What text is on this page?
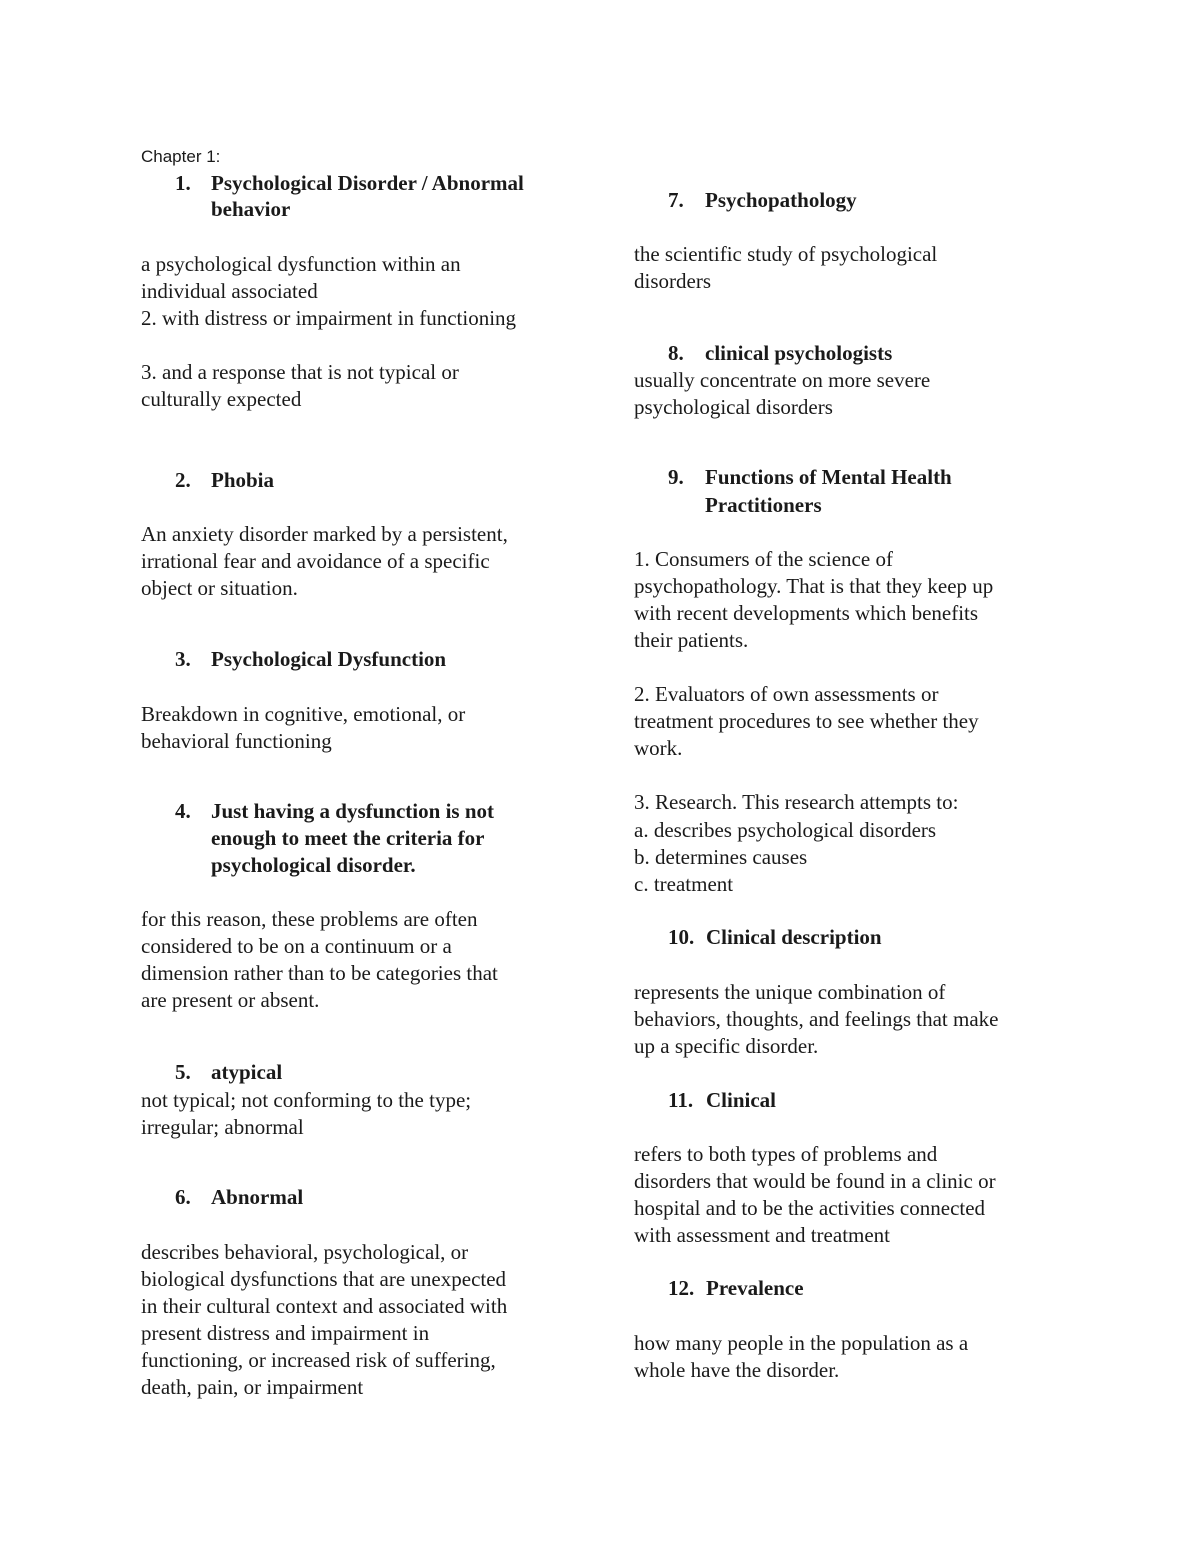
Chapter 1:
1. Psychological Disorder / Abnormal
behavior
a psychological dysfunction within an
individual associated
2. with distress or impairment in functioning
3. and a response that is not typical or
culturally expected
2. Phobia
An anxiety disorder marked by a persistent,
irrational fear and avoidance of a specific
object or situation.
3. Psychological Dysfunction
Breakdown in cognitive, emotional, or
behavioral functioning
4. Just having a dysfunction is not
enough to meet the criteria for
psychological disorder.
for this reason, these problems are often
considered to be on a continuum or a
dimension rather than to be categories that
are present or absent.
5. atypical
not typical; not conforming to the type;
irregular; abnormal
6. Abnormal
describes behavioral, psychological, or
biological dysfunctions that are unexpected
in their cultural context and associated with
present distress and impairment in
functioning, or increased risk of suffering,
death, pain, or impairment
7. Psychopathology
the scientific study of psychological
disorders
8. clinical psychologists
usually concentrate on more severe
psychological disorders
9. Functions of Mental Health
Practitioners
1. Consumers of the science of
psychopathology. That is that they keep up
with recent developments which benefits
their patients.
2. Evaluators of own assessments or
treatment procedures to see whether they
work.
3. Research. This research attempts to:
a. describes psychological disorders
b. determines causes
c. treatment
10. Clinical description
represents the unique combination of
behaviors, thoughts, and feelings that make
up a specific disorder.
11. Clinical
refers to both types of problems and
disorders that would be found in a clinic or
hospital and to be the activities connected
with assessment and treatment
12. Prevalence
how many people in the population as a
whole have the disorder.
